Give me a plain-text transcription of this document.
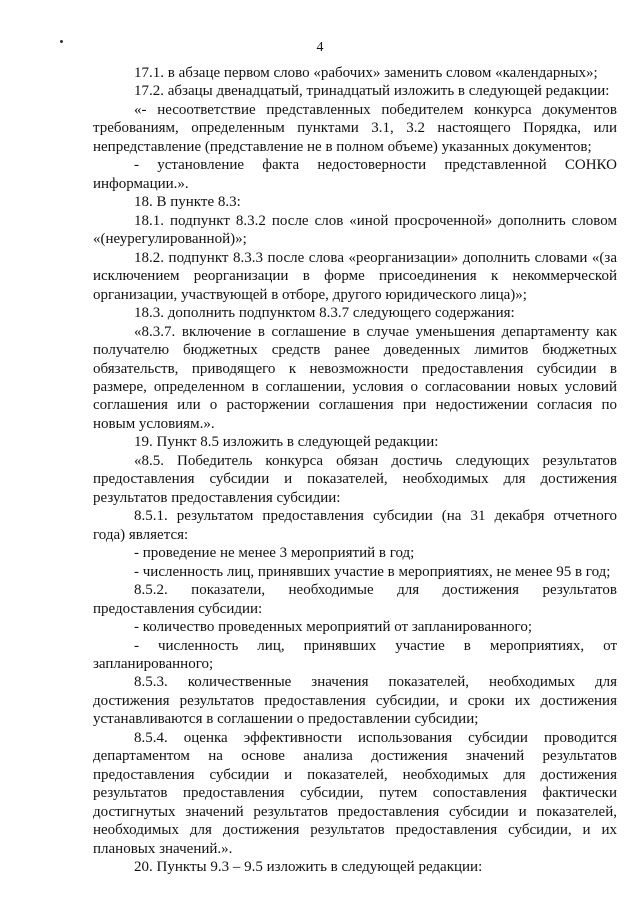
4
17.1. в абзаце первом слово «рабочих» заменить словом «календарных»;
17.2. абзацы двенадцатый, тринадцатый изложить в следующей редакции:
«- несоответствие представленных победителем конкурса документов
требованиям, определенным пунктами 3.1, 3.2 настоящего Порядка, или
непредставление (представление не в полном объеме) указанных документов;
- установление факта недостоверности представленной СОНКО
информации.».
18. В пункте 8.3:
18.1. подпункт 8.3.2 после слов «иной просроченной» дополнить словом
«(неурегулированной)»;
18.2. подпункт 8.3.3 после слова «реорганизации» дополнить словами «(за
исключением реорганизации в форме присоединения к некоммерческой
организации, участвующей в отборе, другого юридического лица)»;
18.3. дополнить подпунктом 8.3.7 следующего содержания:
«8.3.7. включение в соглашение в случае уменьшения департаменту как
получателю бюджетных средств ранее доведенных лимитов бюджетных
обязательств, приводящего к невозможности предоставления субсидии в
размере, определенном в соглашении, условия о согласовании новых условий
соглашения или о расторжении соглашения при недостижении согласия по
новым условиям.».
19. Пункт 8.5 изложить в следующей редакции:
«8.5. Победитель конкурса обязан достичь следующих результатов
предоставления субсидии и показателей, необходимых для достижения
результатов предоставления субсидии:
8.5.1. результатом предоставления субсидии (на 31 декабря отчетного
года) является:
- проведение не менее 3 мероприятий в год;
- численность лиц, принявших участие в мероприятиях, не менее 95 в год;
8.5.2. показатели, необходимые для достижения результатов
предоставления субсидии:
- количество проведенных мероприятий от запланированного;
- численность лиц, принявших участие в мероприятиях, от
запланированного;
8.5.3. количественные значения показателей, необходимых для
достижения результатов предоставления субсидии, и сроки их достижения
устанавливаются в соглашении о предоставлении субсидии;
8.5.4. оценка эффективности использования субсидии проводится
департаментом на основе анализа достижения значений результатов
предоставления субсидии и показателей, необходимых для достижения
результатов предоставления субсидии, путем сопоставления фактически
достигнутых значений результатов предоставления субсидии и показателей,
необходимых для достижения результатов предоставления субсидии, и их
плановых значений.».
20. Пункты 9.3 – 9.5 изложить в следующей редакции:
